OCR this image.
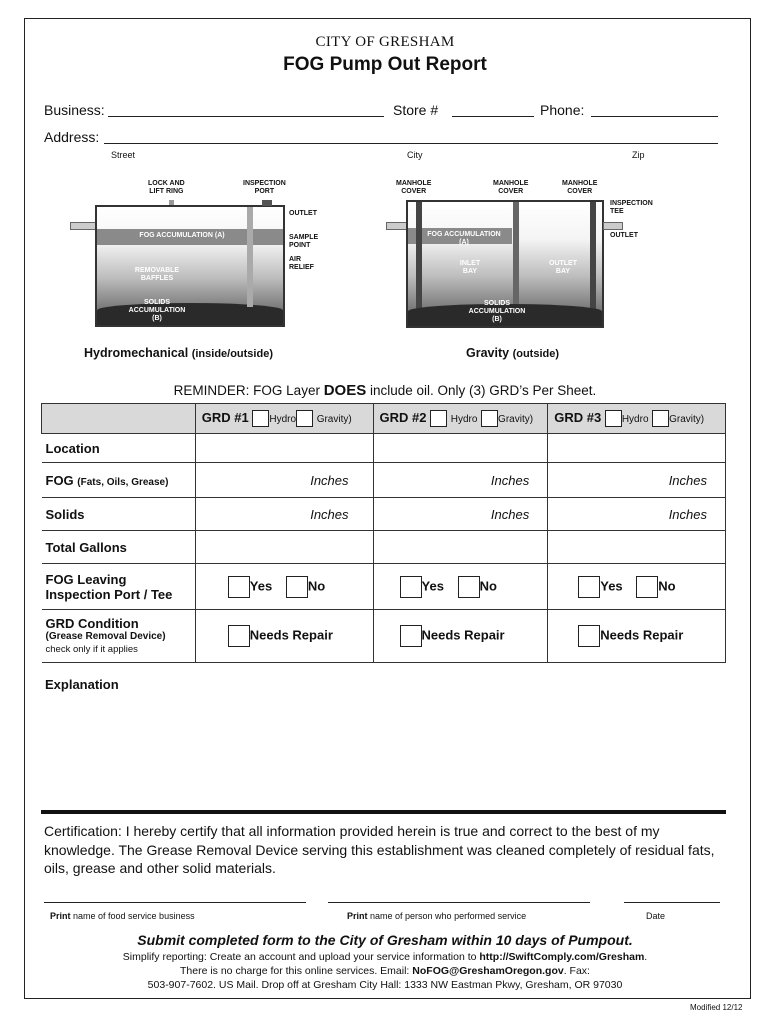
CITY OF GRESHAM
FOG Pump Out Report
Business:	Store #	Phone:
Address:
Street	City	Zip
LOCK AND
LIFT RING
INSPECTION
PORT
FOG ACCUMULATION (A)
REMOVABLE
BAFFLES
SOLIDS
ACCUMULATION
(B)
OUTLET
SAMPLE
POINT
AIR
RELIEF
Hydromechanical (inside/outside)
MANHOLE
COVER
MANHOLE
COVER
MANHOLE
COVER
FOG ACCUMULATION
(A)
INLET
BAY
OUTLET
BAY
SOLIDS
ACCUMULATION
(B)
INSPECTION
TEE
OUTLET
Gravity (outside)
REMINDER: FOG Layer DOES include oil. Only (3) GRD’s Per Sheet.
	GRD #1 Hydro Gravity)	GRD #2 Hydro Gravity)	GRD #3 Hydro Gravity)
Location			
FOG (Fats, Oils, Grease)	Inches	Inches	Inches
Solids	Inches	Inches	Inches
Total Gallons			

FOG Leaving
Inspection Port / Tee	Yes No	Yes No	Yes No

GRD Condition
(Grease Removal Device)
check only if it applies	Needs Repair	Needs Repair	Needs Repair
Explanation
Certification: I hereby certify that all information provided herein is true and correct to the best of my knowledge. The Grease Removal Device serving this establishment was cleaned completely of residual fats, oils, grease and other solid materials.
Print name of food service business	Print name of person who performed service	Date
Submit completed form to the City of Gresham within 10 days of Pumpout.
Simplify reporting: Create an account and upload your service information to http://SwiftComply.com/Gresham.
There is no charge for this online services. Email: NoFOG@GreshamOregon.gov. Fax:
503-907-7602. US Mail. Drop off at Gresham City Hall: 1333 NW Eastman Pkwy, Gresham, OR 97030
Modified 12/12
